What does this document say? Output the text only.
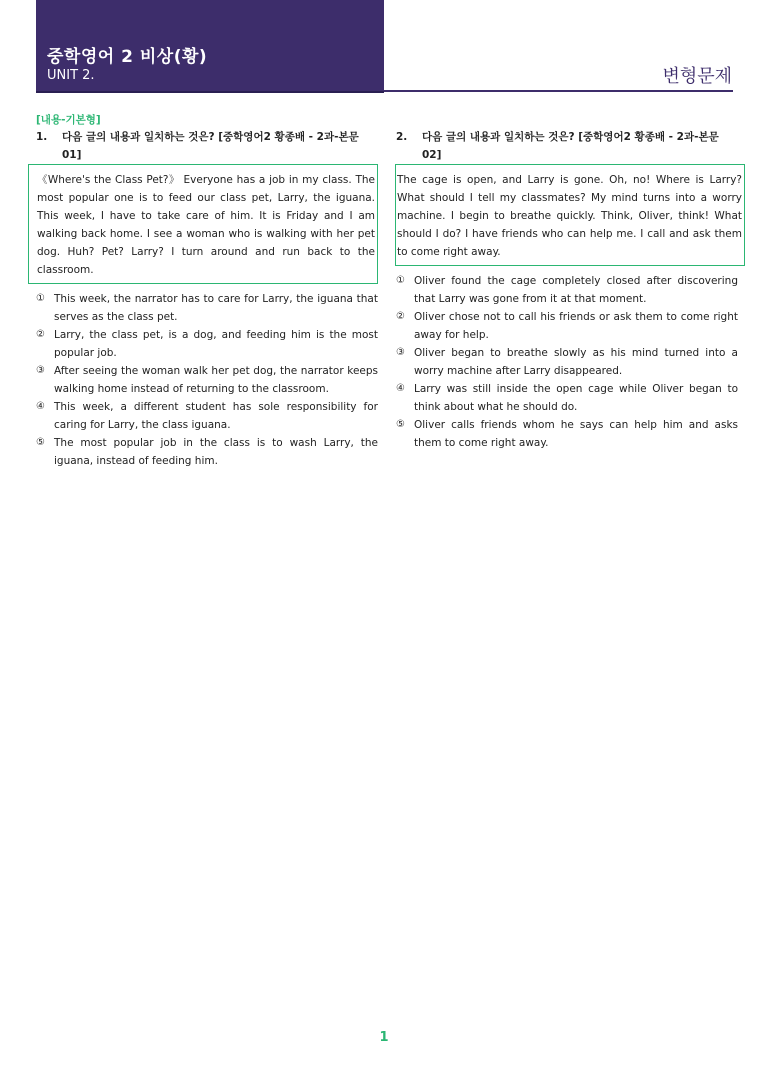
중학영어 2 비상(황)
UNIT 2.	변형문제
[내용-기본형]
1. 다음 글의 내용과 일치하는 것은? [중학영어2 황종배 - 2과-본문 01]
《Where's the Class Pet?》 Everyone has a job in my class. The most popular one is to feed our class pet, Larry, the iguana. This week, I have to take care of him. It is Friday and I am walking back home. I see a woman who is walking with her pet dog. Huh? Pet? Larry? I turn around and run back to the classroom.
① This week, the narrator has to care for Larry, the iguana that serves as the class pet.
② Larry, the class pet, is a dog, and feeding him is the most popular job.
③ After seeing the woman walk her pet dog, the narrator keeps walking home instead of returning to the classroom.
④ This week, a different student has sole responsibility for caring for Larry, the class iguana.
⑤ The most popular job in the class is to wash Larry, the iguana, instead of feeding him.
2. 다음 글의 내용과 일치하는 것은? [중학영어2 황종배 - 2과-본문 02]
The cage is open, and Larry is gone. Oh, no! Where is Larry? What should I tell my classmates? My mind turns into a worry machine. I begin to breathe quickly. Think, Oliver, think! What should I do? I have friends who can help me. I call and ask them to come right away.
① Oliver found the cage completely closed after discovering that Larry was gone from it at that moment.
② Oliver chose not to call his friends or ask them to come right away for help.
③ Oliver began to breathe slowly as his mind turned into a worry machine after Larry disappeared.
④ Larry was still inside the open cage while Oliver began to think about what he should do.
⑤ Oliver calls friends whom he says can help him and asks them to come right away.
1
